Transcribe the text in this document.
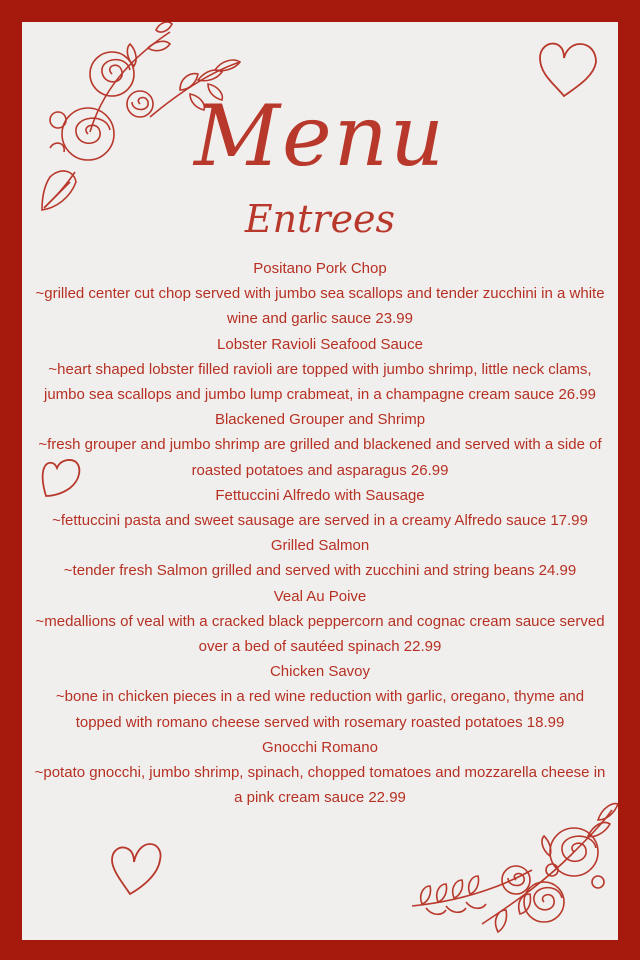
Menu
Entrees
Positano Pork Chop
~grilled center cut chop served with jumbo sea scallops and tender zucchini in a white wine and garlic sauce 23.99
Lobster Ravioli Seafood Sauce
~heart shaped lobster filled ravioli are topped with jumbo shrimp, little neck clams, jumbo sea scallops and jumbo lump crabmeat, in a champagne cream sauce 26.99
Blackened Grouper and Shrimp
~fresh grouper and jumbo shrimp are grilled and blackened and served with a side of roasted potatoes and asparagus 26.99
Fettuccini Alfredo with Sausage
~fettuccini pasta and sweet sausage are served in a creamy Alfredo sauce 17.99
Grilled Salmon
~tender fresh Salmon grilled and served with zucchini and string beans 24.99
Veal Au Poive
~medallions of veal with a cracked black peppercorn and cognac cream sauce served over a bed of sautéed spinach 22.99
Chicken Savoy
~bone in chicken pieces in a red wine reduction with garlic, oregano, thyme and topped with romano cheese served with rosemary roasted potatoes 18.99
Gnocchi Romano
~potato gnocchi, jumbo shrimp, spinach, chopped tomatoes and mozzarella cheese in a pink cream sauce 22.99
